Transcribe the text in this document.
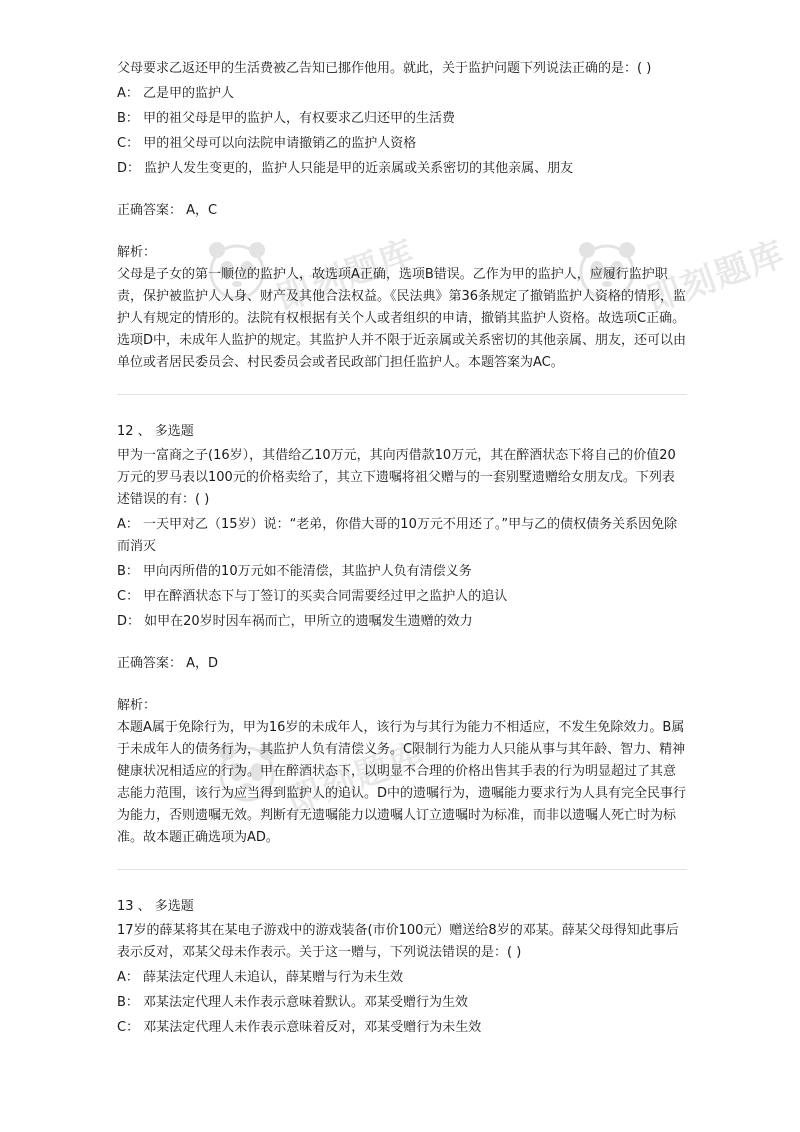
即刻题库	即刻题库
即刻题库

父母要求乙返还甲的生活费被乙告知已挪作他用。就此，关于监护问题下列说法正确的是：( )

A： 乙是甲的监护人

B： 甲的祖父母是甲的监护人，有权要求乙归还甲的生活费

C： 甲的祖父母可以向法院申请撤销乙的监护人资格

D： 监护人发生变更的，监护人只能是甲的近亲属或关系密切的其他亲属、朋友

正确答案： A，C

解析：

父母是子女的第一顺位的监护人，故选项A正确，选项B错误。乙作为甲的监护人，应履行监护职责，保护被监护人人身、财产及其他合法权益。《民法典》第36条规定了撤销监护人资格的情形，监护人有规定的情形的。法院有权根据有关个人或者组织的申请，撤销其监护人资格。故选项C正确。选项D中，未成年人监护的规定。其监护人并不限于近亲属或关系密切的其他亲属、朋友，还可以由单位或者居民委员会、村民委员会或者民政部门担任监护人。本题答案为AC。

12 、 多选题

甲为一富商之子(16岁），其借给乙10万元，其向丙借款10万元，其在醉酒状态下将自己的价值20万元的罗马表以100元的价格卖给了，其立下遗嘱将祖父赠与的一套别墅遗赠给女朋友戊。下列表述错误的有：( )

A： 一天甲对乙（15岁）说：“老弟，你借大哥的10万元不用还了。”甲与乙的债权债务关系因免除而消灭

B： 甲向丙所借的10万元如不能清偿，其监护人负有清偿义务

C： 甲在醉酒状态下与丁签订的买卖合同需要经过甲之监护人的追认

D： 如甲在20岁时因车祸而亡，甲所立的遗嘱发生遗赠的效力

正确答案： A，D

解析：

本题A属于免除行为，甲为16岁的未成年人，该行为与其行为能力不相适应，不发生免除效力。B属于未成年人的债务行为，其监护人负有清偿义务。C限制行为能力人只能从事与其年龄、智力、精神健康状况相适应的行为。甲在醉酒状态下，以明显不合理的价格出售其手表的行为明显超过了其意志能力范围，该行为应当得到监护人的追认。D中的遗嘱行为，遗嘱能力要求行为人具有完全民事行为能力，否则遗嘱无效。判断有无遗嘱能力以遗嘱人订立遗嘱时为标准，而非以遗嘱人死亡时为标准。故本题正确选项为AD。

13 、 多选题

17岁的薛某将其在某电子游戏中的游戏装备(市价100元）赠送给8岁的邓某。薛某父母得知此事后表示反对，邓某父母未作表示。关于这一赠与，下列说法错误的是：( )

A： 薛某法定代理人未追认，薛某赠与行为未生效

B： 邓某法定代理人未作表示意味着默认。邓某受赠行为生效

C： 邓某法定代理人未作表示意味着反对，邓某受赠行为未生效
